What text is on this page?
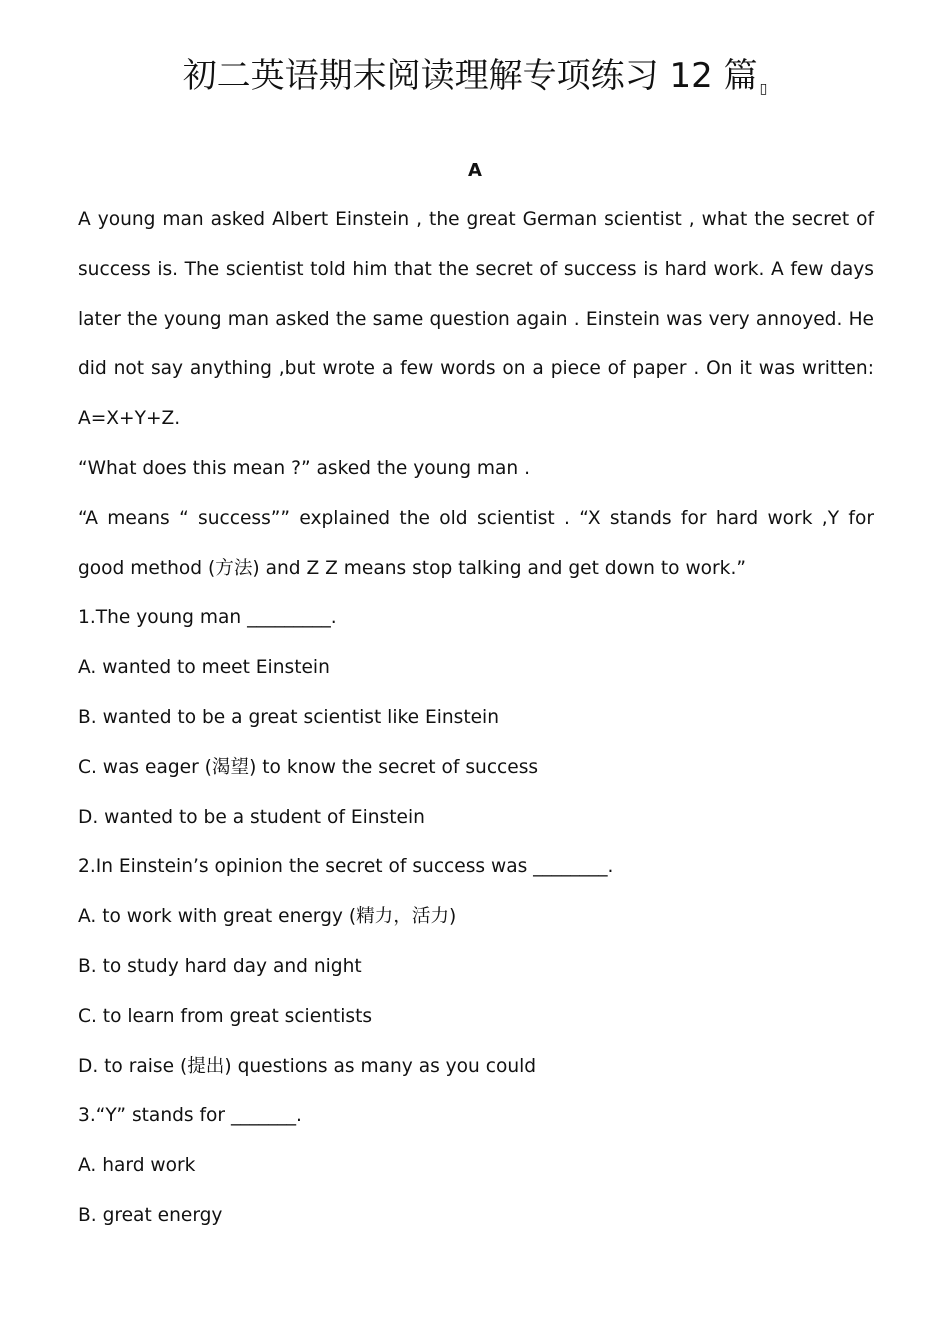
初二英语期末阅读理解专项练习 12 篇 ▯
A

A young man asked Albert Einstein , the great German scientist , what the secret of success is. The scientist told him that the secret of success is hard work. A few days later the young man asked the same question again . Einstein was very annoyed. He did not say anything ,but wrote a few words on a piece of paper . On it was written: A=X+Y+Z.

“What does this mean ?” asked the young man .

“A means “ success”” explained the old scientist . “X stands for hard work ,Y for good method (方法) and Z Z means stop talking and get down to work.”

1.The young man _________.

A. wanted to meet Einstein

B. wanted to be a great scientist like Einstein

C. was eager (渴望) to know the secret of success

D. wanted to be a student of Einstein

2.In Einstein’s opinion the secret of success was ________.

A. to work with great energy (精力，活力)

B. to study hard day and night

C. to learn from great scientists

D. to raise (提出) questions as many as you could

3.“Y” stands for _______.

A. hard work

B. great energy
